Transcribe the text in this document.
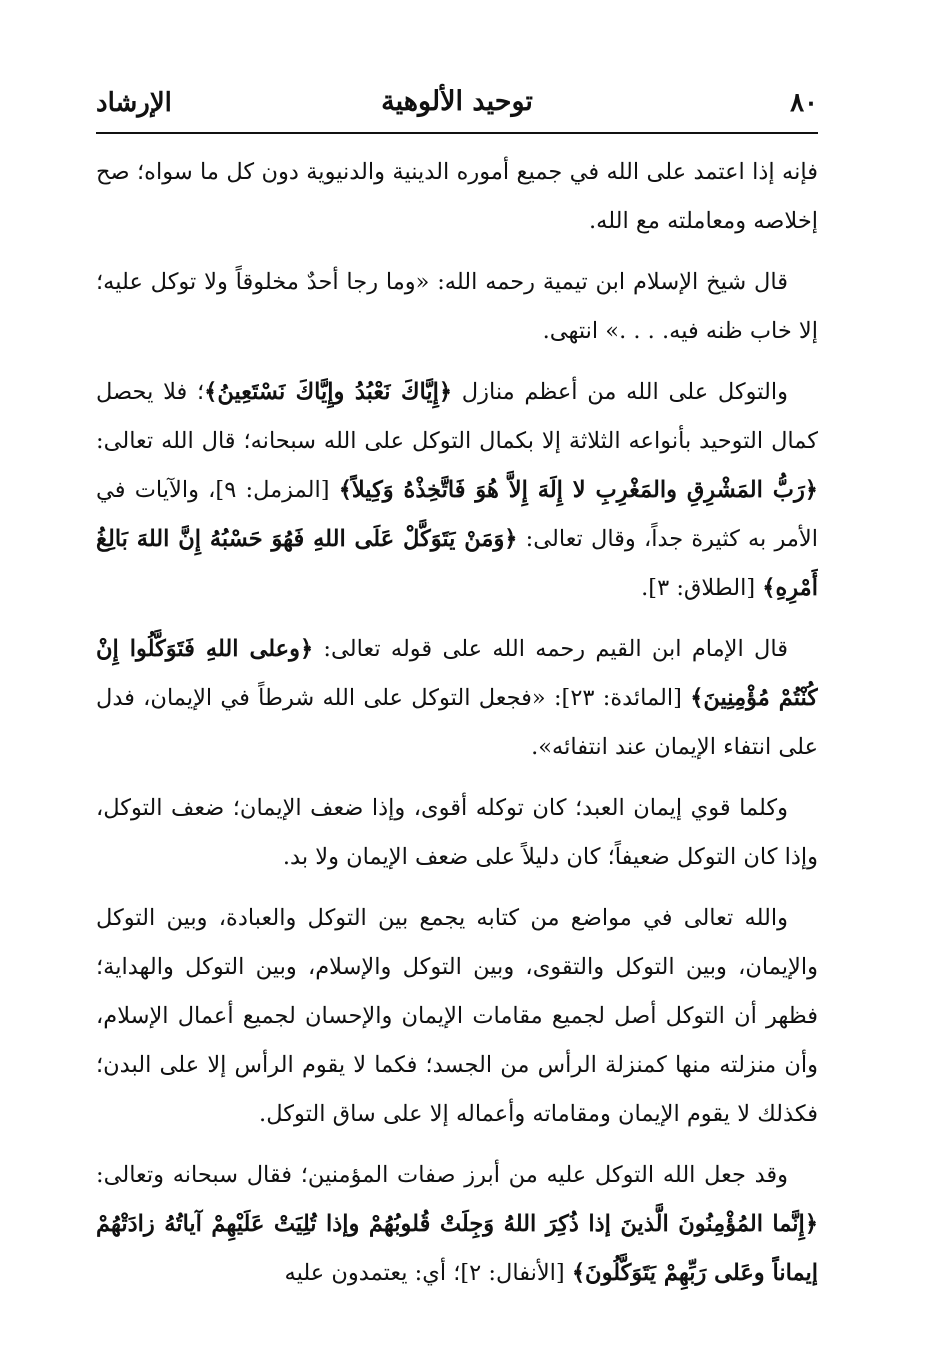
٨٠
توحيد الألوهية
الإرشاد

فإنه إذا اعتمد على الله في جميع أموره الدينية والدنيوية دون كل ما سواه؛ صح إخلاصه ومعاملته مع الله.

قال شيخ الإسلام ابن تيمية رحمه الله: «وما رجا أحدٌ مخلوقاً ولا توكل عليه؛ إلا خاب ظنه فيه. . . .» انتهى.

والتوكل على الله من أعظم منازل ﴿إِيَّاكَ نَعْبُدُ وإِيَّاكَ نَسْتَعِينُ﴾؛ فلا يحصل كمال التوحيد بأنواعه الثلاثة إلا بكمال التوكل على الله سبحانه؛ قال الله تعالى: ﴿رَبُّ المَشْرِقِ والمَغْرِبِ لا إِلَهَ إِلاَّ هُوَ فَاتَّخِذْهُ وَكِيلاً﴾ [المزمل: ٩]، والآيات في الأمر به كثيرة جداً، وقال تعالى: ﴿وَمَنْ يَتَوَكَّلْ عَلَى اللهِ فَهُوَ حَسْبُهُ إِنَّ اللهَ بَالِغُ أَمْرِهِ﴾ [الطلاق: ٣].

قال الإمام ابن القيم رحمه الله على قوله تعالى: ﴿وعلى اللهِ فَتَوَكَّلُوا إِنْ كُنْتُمْ مُؤْمِنِينَ﴾ [المائدة: ٢٣]: «فجعل التوكل على الله شرطاً في الإيمان، فدل على انتفاء الإيمان عند انتفائه».

وكلما قوي إيمان العبد؛ كان توكله أقوى، وإذا ضعف الإيمان؛ ضعف التوكل، وإذا كان التوكل ضعيفاً؛ كان دليلاً على ضعف الإيمان ولا بد.

والله تعالى في مواضع من كتابه يجمع بين التوكل والعبادة، وبين التوكل والإيمان، وبين التوكل والتقوى، وبين التوكل والإسلام، وبين التوكل والهداية؛ فظهر أن التوكل أصل لجميع مقامات الإيمان والإحسان لجميع أعمال الإسلام، وأن منزلته منها كمنزلة الرأس من الجسد؛ فكما لا يقوم الرأس إلا على البدن؛ فكذلك لا يقوم الإيمان ومقاماته وأعماله إلا على ساق التوكل.

وقد جعل الله التوكل عليه من أبرز صفات المؤمنين؛ فقال سبحانه وتعالى: ﴿إِنَّما المُؤْمِنُونَ الَّذينَ إذا ذُكِرَ اللهُ وَجِلَتْ قُلوبُهُمْ وإذا تُلِيَتْ عَلَيْهِمْ آياتُهُ زادَتْهُمْ إيماناً وعَلى رَبِّهِمْ يَتَوَكَّلُونَ﴾ [الأنفال: ٢]؛ أي: يعتمدون عليه
